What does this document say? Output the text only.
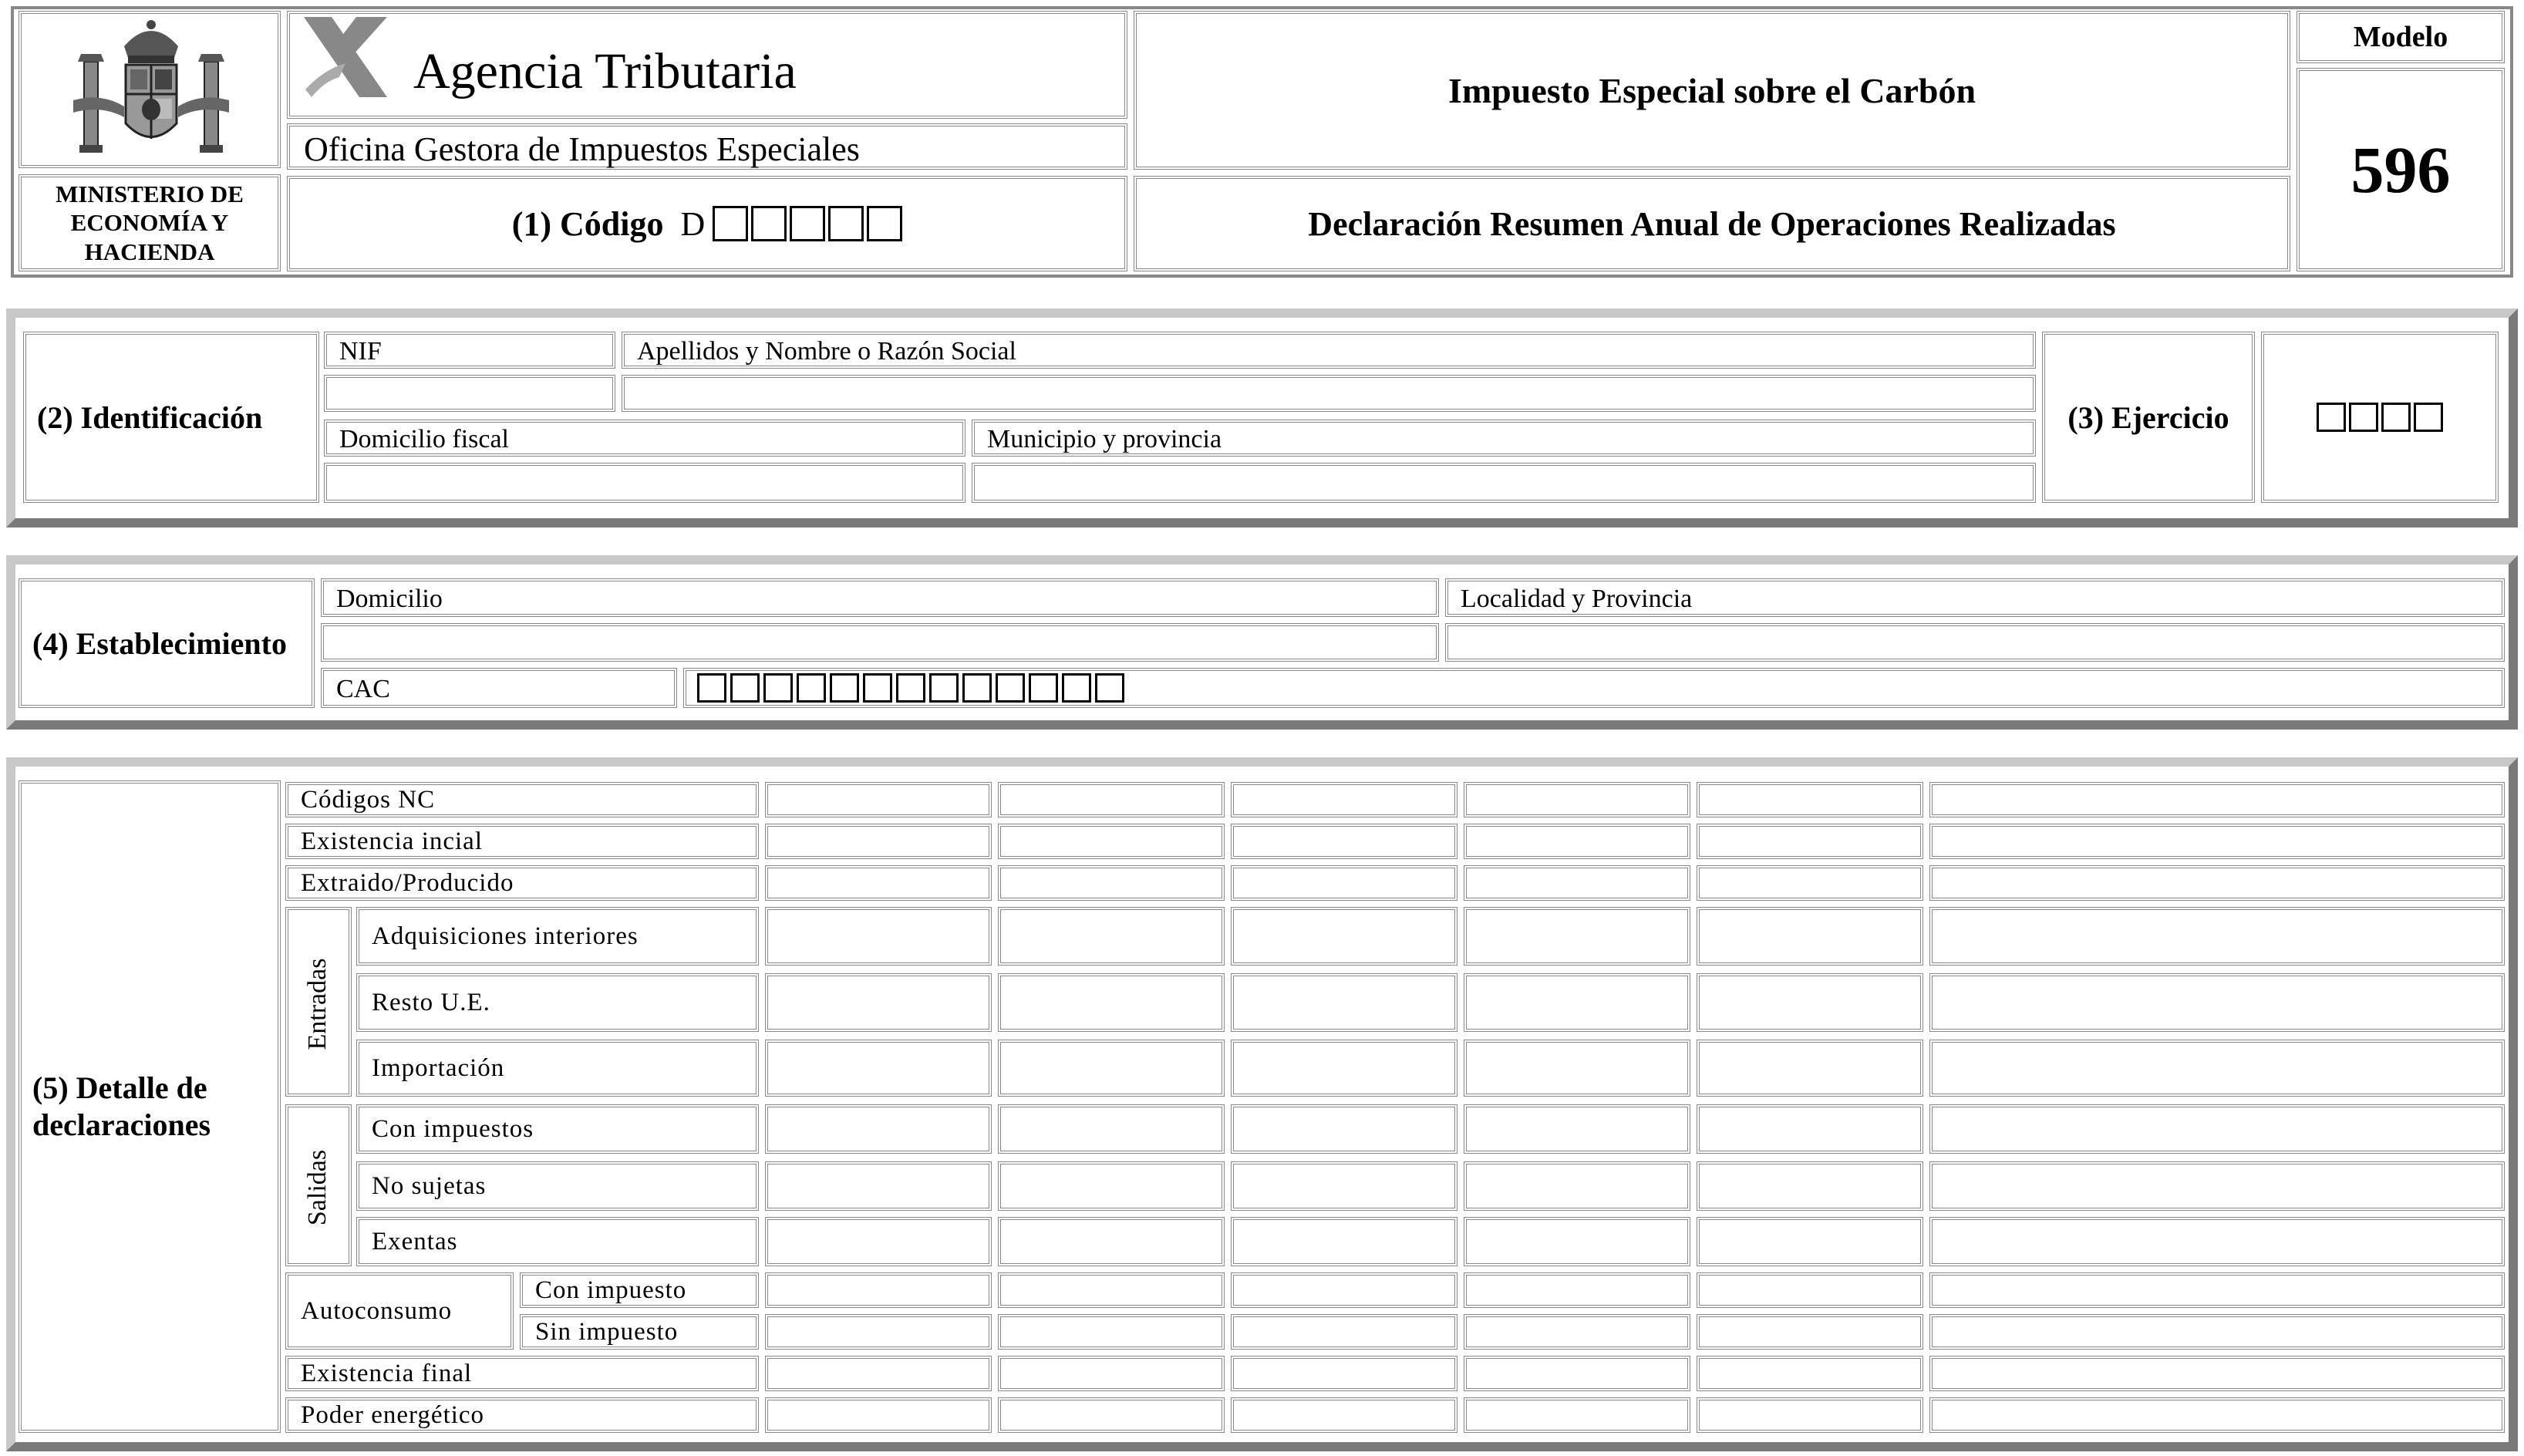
MINISTERIO DE ECONOMÍA Y HACIENDA
Agencia Tributaria
Oficina Gestora de Impuestos Especiales
(1) Código D
Impuesto Especial sobre el Carbón
Declaración Resumen Anual de Operaciones Realizadas
Modelo
596
(2) Identificación
NIF	Apellidos y Nombre o Razón Social
Domicilio fiscal	Municipio y provincia
(3) Ejercicio
(4) Establecimiento
Domicilio	Localidad y Provincia
CAC
(5) Detalle de declaraciones
Códigos NC
Existencia incial
Extraido/Producido
Entradas
Adquisiciones interiores
Resto U.E.
Importación
Salidas
Con impuestos
No sujetas
Exentas
Autoconsumo
Con impuesto
Sin impuesto
Existencia final
Poder energético
